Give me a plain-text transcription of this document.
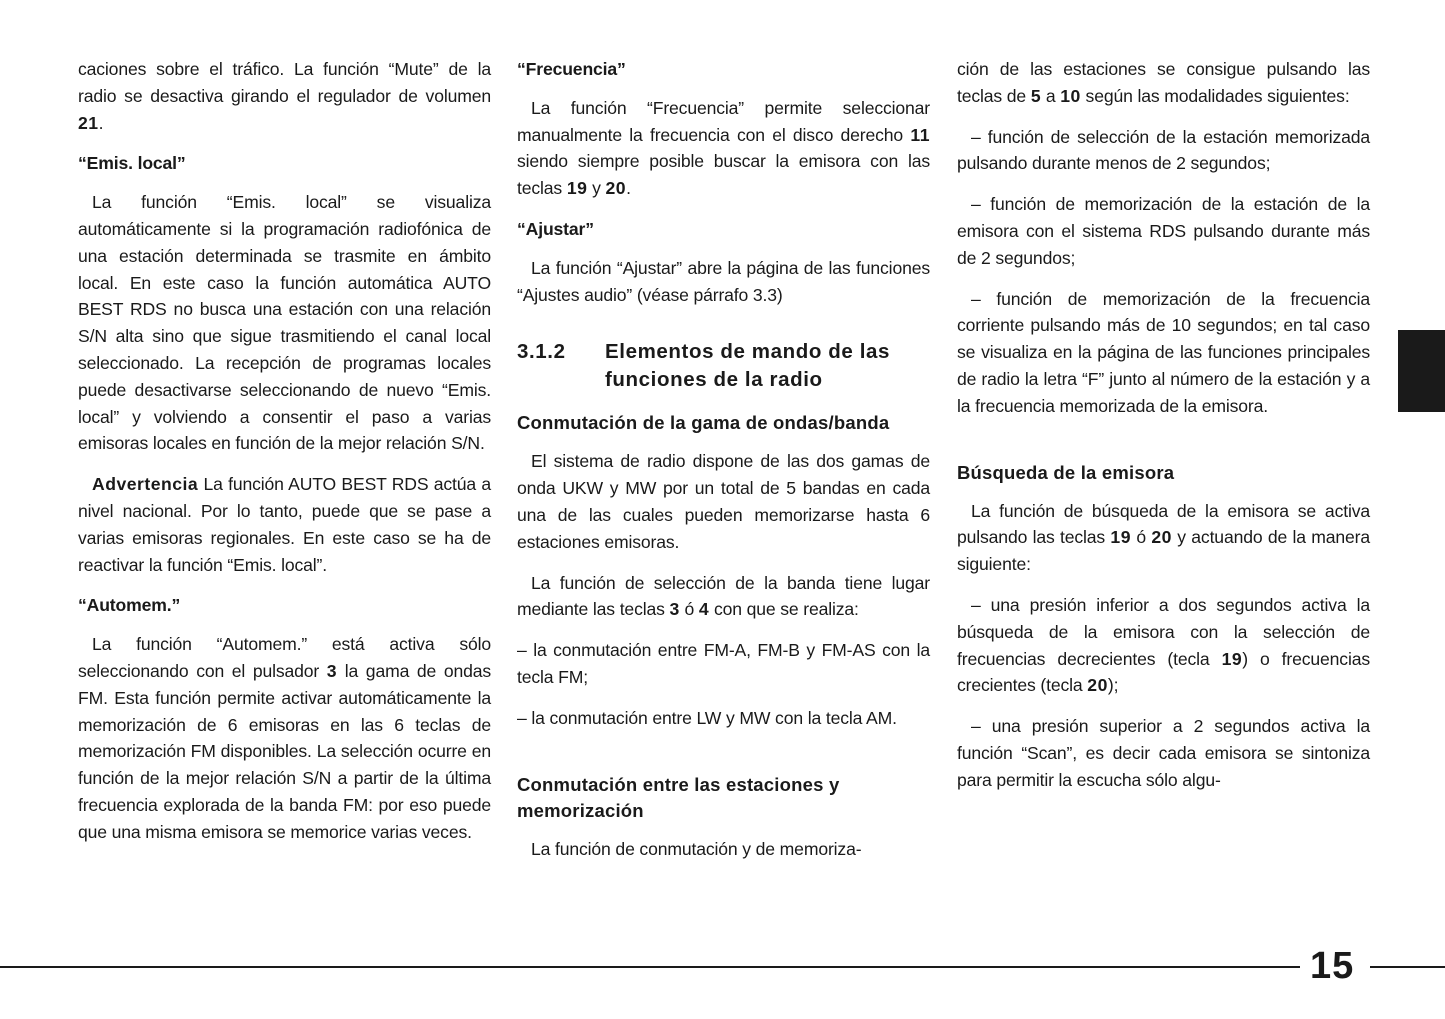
caciones sobre el tráfico. La función “Mute” de la radio se desactiva girando el regulador de volumen 21.
“Emis. local”
La función “Emis. local” se visualiza automáticamente si la programación radiofónica de una estación determinada se trasmite en ámbito local. En este caso la función automática AUTO BEST RDS no busca una estación con una relación S/N alta sino que sigue trasmitiendo el canal local seleccionado. La recepción de programas locales puede desactivarse seleccionando de nuevo “Emis. local” y volviendo a consentir el paso a varias emisoras locales en función de la mejor relación S/N.
Advertencia La función AUTO BEST RDS actúa a nivel nacional. Por lo tanto, puede que se pase a varias emisoras regionales. En este caso se ha de reactivar la función “Emis. local”.
“Automem.”
La función “Automem.” está activa sólo seleccionando con el pulsador 3 la gama de ondas FM. Esta función permite activar automáticamente la memorización de 6 emisoras en las 6 teclas de memorización FM disponibles. La selección ocurre en función de la mejor relación S/N a partir de la última frecuencia explorada de la banda FM: por eso puede que una misma emisora se memorice varias veces.
“Frecuencia”
La función “Frecuencia” permite seleccionar manualmente la frecuencia con el disco derecho 11 siendo siempre posible buscar la emisora con las teclas 19 y 20.
“Ajustar”
La función “Ajustar” abre la página de las funciones “Ajustes audio” (véase párrafo 3.3)
3.1.2	Elementos de mando de las funciones de la radio
Conmutación de la gama de ondas/banda
El sistema de radio dispone de las dos gamas de onda UKW y MW por un total de 5 bandas en cada una de las cuales pueden memorizarse hasta 6 estaciones emisoras.
La función de selección de la banda tiene lugar mediante las teclas 3 ó 4 con que se realiza:
– la conmutación entre FM-A, FM-B y FM-AS con la tecla FM;
– la conmutación entre LW y MW con la tecla AM.
Conmutación entre las estaciones y memorización
La función de conmutación y de memoriza-
ción de las estaciones se consigue pulsando las teclas de 5 a 10 según las modalidades siguientes:
– función de selección de la estación memorizada pulsando durante menos de 2 segundos;
– función de memorización de la estación de la emisora con el sistema RDS pulsando durante más de 2 segundos;
– función de memorización de la frecuencia corriente pulsando más de 10 segundos; en tal caso se visualiza en la página de las funciones principales de radio la letra “F” junto al número de la estación y a la frecuencia memorizada de la emisora.
Búsqueda de la emisora
La función de búsqueda de la emisora se activa pulsando las teclas 19 ó 20 y actuando de la manera siguiente:
– una presión inferior a dos segundos activa la búsqueda de la emisora con la selección de frecuencias decrecientes (tecla 19) o frecuencias crecientes (tecla 20);
– una presión superior a 2 segundos activa la función “Scan”, es decir cada emisora se sintoniza para permitir la escucha sólo algu-
15
